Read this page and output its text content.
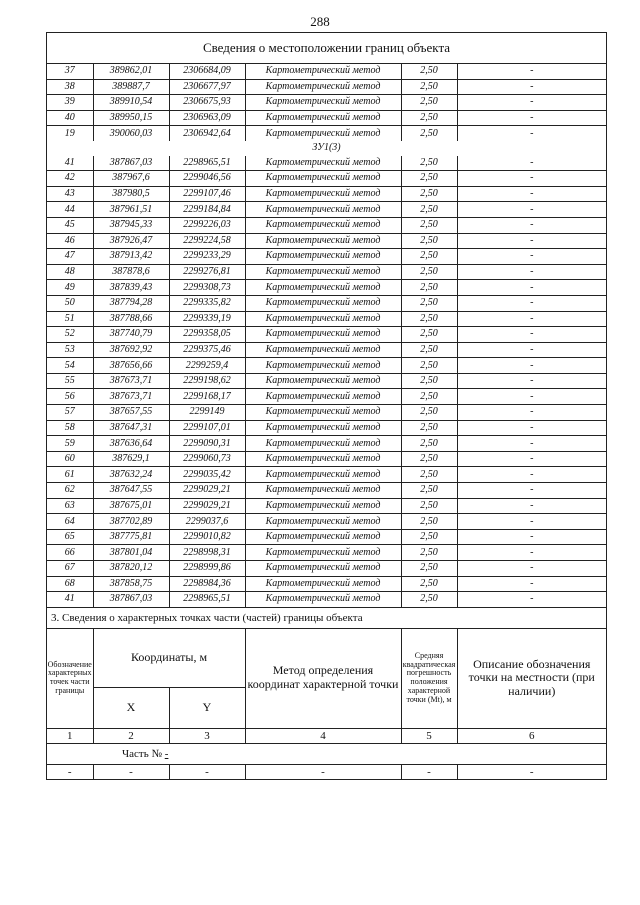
288
Сведения о местоположении границ объекта
37	389862,01	2306684,09	Картометрический метод	2,50	-
38	389887,7	2306677,97	Картометрический метод	2,50	-
39	389910,54	2306675,93	Картометрический метод	2,50	-
40	389950,15	2306963,09	Картометрический метод	2,50	-
19	390060,03	2306942,64	Картометрический метод	2,50	-
ЗУ1(3)					
41	387867,03	2298965,51	Картометрический метод	2,50	-
42	387967,6	2299046,56	Картометрический метод	2,50	-
43	387980,5	2299107,46	Картометрический метод	2,50	-
44	387961,51	2299184,84	Картометрический метод	2,50	-
45	387945,33	2299226,03	Картометрический метод	2,50	-
46	387926,47	2299224,58	Картометрический метод	2,50	-
47	387913,42	2299233,29	Картометрический метод	2,50	-
48	387878,6	2299276,81	Картометрический метод	2,50	-
49	387839,43	2299308,73	Картометрический метод	2,50	-
50	387794,28	2299335,82	Картометрический метод	2,50	-
51	387788,66	2299339,19	Картометрический метод	2,50	-
52	387740,79	2299358,05	Картометрический метод	2,50	-
53	387692,92	2299375,46	Картометрический метод	2,50	-
54	387656,66	2299259,4	Картометрический метод	2,50	-
55	387673,71	2299198,62	Картометрический метод	2,50	-
56	387673,71	2299168,17	Картометрический метод	2,50	-
57	387657,55	2299149	Картометрический метод	2,50	-
58	387647,31	2299107,01	Картометрический метод	2,50	-
59	387636,64	2299090,31	Картометрический метод	2,50	-
60	387629,1	2299060,73	Картометрический метод	2,50	-
61	387632,24	2299035,42	Картометрический метод	2,50	-
62	387647,55	2299029,21	Картометрический метод	2,50	-
63	387675,01	2299029,21	Картометрический метод	2,50	-
64	387702,89	2299037,6	Картометрический метод	2,50	-
65	387775,81	2299010,82	Картометрический метод	2,50	-
66	387801,04	2298998,31	Картометрический метод	2,50	-
67	387820,12	2298999,86	Картометрический метод	2,50	-
68	387858,75	2298984,36	Картометрический метод	2,50	-
41	387867,03	2298965,51	Картометрический метод	2,50	-
3. Сведения о характерных точках части (частей) границы объекта
Обозначение характерных точек части границы	Координаты, м		Метод определения координат характерной точки	Средняя квадратическая погрешность положения характерной точки (Mt), м	Описание обозначения точки на местности (при наличии)
	X	Y			
1	2	3	4	5	6
Часть № -					
-	-	-	-	-	-
